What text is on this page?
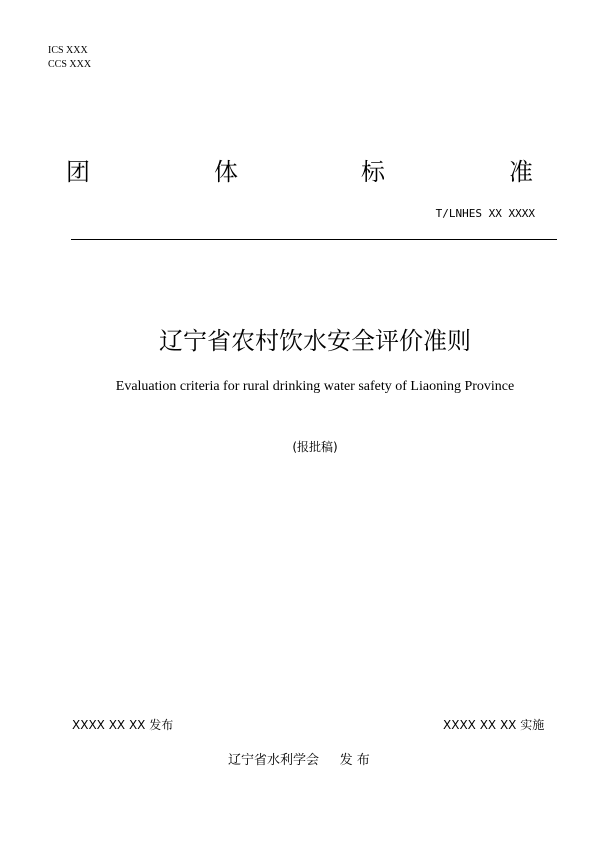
ICS XXX
CCS XXX
团	体	标	准
T/LNHES XX XXXX
辽宁省农村饮水安全评价准则
Evaluation criteria for rural drinking water safety of Liaoning Province
(报批稿)
XXXX XX XX 发布	XXXX XX XX 实施
辽宁省水利学会     发 布
